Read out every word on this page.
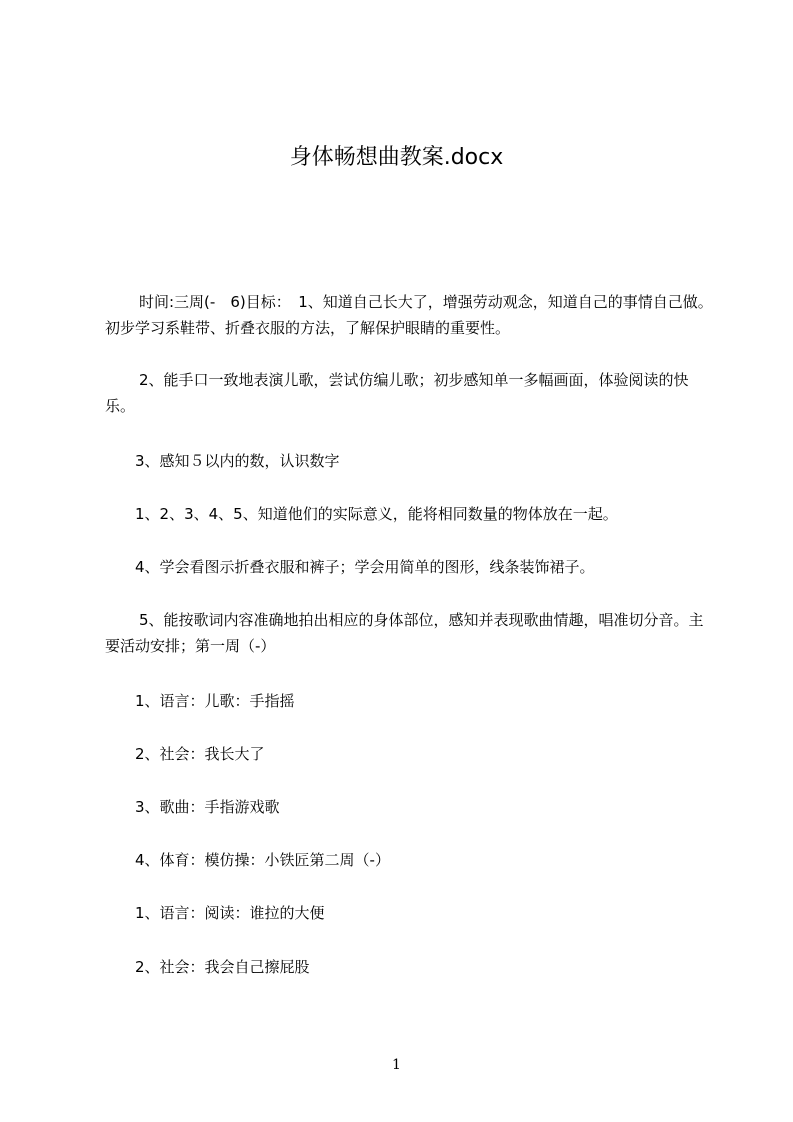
身体畅想曲教案.docx

时间:三周(-　6)目标：　1、知道自己长大了，增强劳动观念，知道自己的事情自己做。初步学习系鞋带、折叠衣服的方法，了解保护眼睛的重要性。

2、能手口一致地表演儿歌，尝试仿编儿歌；初步感知单一多幅画面，体验阅读的快乐。

3、感知５以内的数，认识数字

1、2、3、4、5、知道他们的实际意义，能将相同数量的物体放在一起。

4、学会看图示折叠衣服和裤子；学会用简单的图形，线条装饰裙子。

5、能按歌词内容准确地拍出相应的身体部位，感知并表现歌曲情趣，唱准切分音。主要活动安排；第一周（-）

1、语言：儿歌：手指摇

2、社会：我长大了

3、歌曲：手指游戏歌

4、体育：模仿操：小铁匠第二周（-）

1、语言：阅读：谁拉的大便

2、社会：我会自己擦屁股

1
